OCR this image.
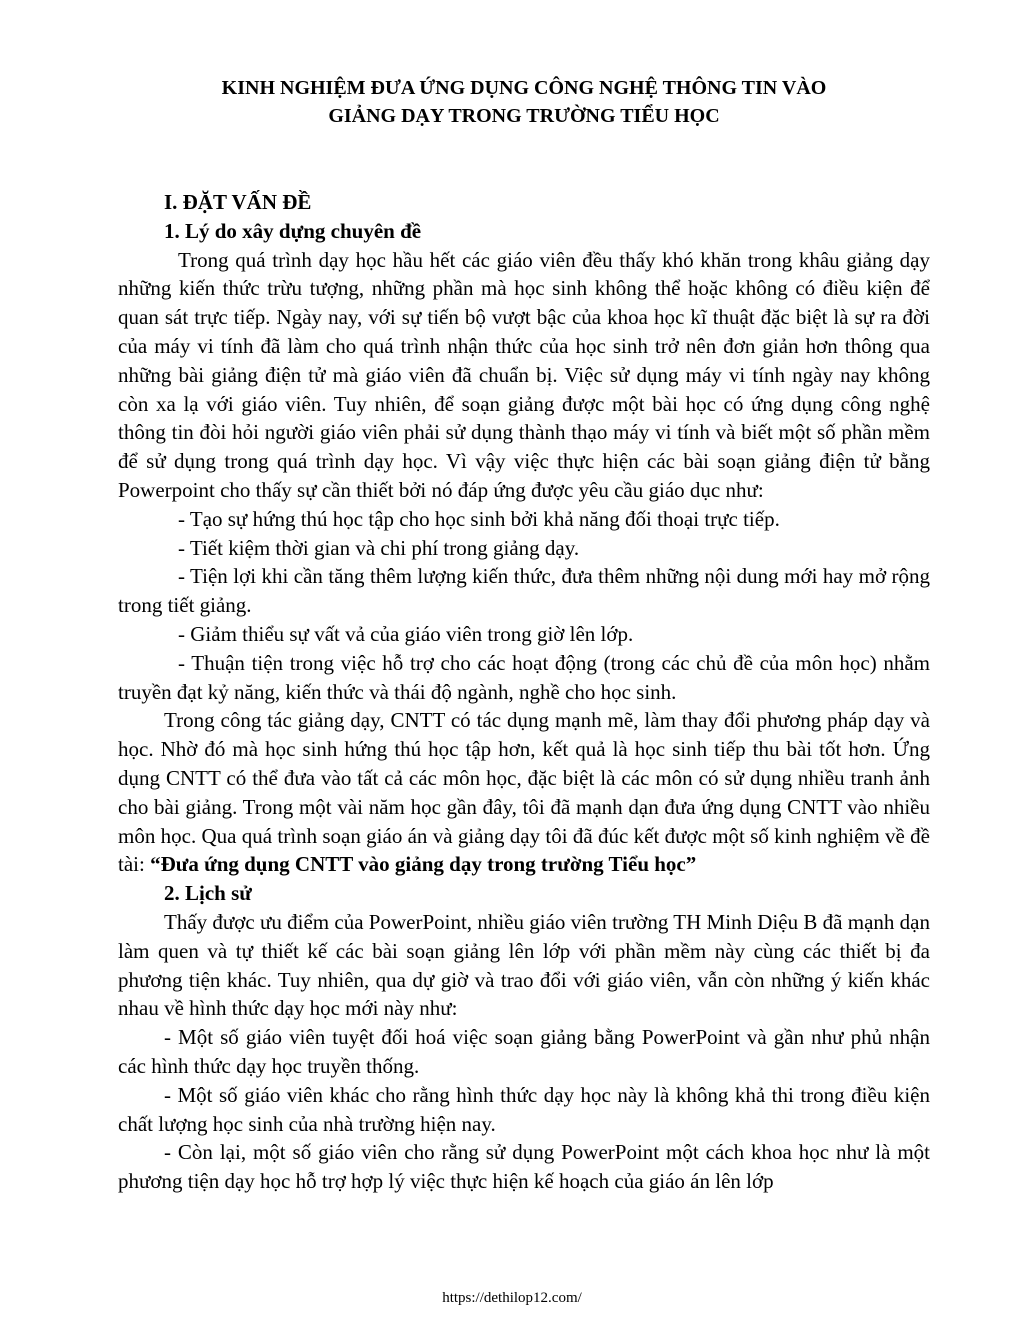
KINH NGHIỆM ĐƯA ỨNG DỤNG CÔNG NGHỆ THÔNG TIN VÀO
GIẢNG DẠY TRONG TRƯỜNG TIỂU HỌC
I. ĐẶT VẤN ĐỀ
1. Lý do xây dựng chuyên đề

Trong quá trình dạy học hầu hết các giáo viên đều thấy khó khăn trong khâu giảng dạy những kiến thức trừu tượng, những phần mà học sinh không thể hoặc không có điều kiện để quan sát trực tiếp. Ngày nay, với sự tiến bộ vượt bậc của khoa học kĩ thuật đặc biệt là sự ra đời của máy vi tính đã làm cho quá trình nhận thức của học sinh trở nên đơn giản hơn thông qua những bài giảng điện tử mà giáo viên đã chuẩn bị. Việc sử dụng máy vi tính ngày nay không còn xa lạ với giáo viên. Tuy nhiên, để soạn giảng được một bài học có ứng dụng công nghệ thông tin đòi hỏi người giáo viên phải sử dụng thành thạo máy vi tính và biết một số phần mềm để sử dụng trong quá trình dạy học. Vì vậy việc thực hiện các bài soạn giảng điện tử bằng Powerpoint cho thấy sự cần thiết bởi nó đáp ứng được yêu cầu giáo dục như:

- Tạo sự hứng thú học tập cho học sinh bởi khả năng đối thoại trực tiếp.

- Tiết kiệm thời gian và chi phí trong giảng dạy.

- Tiện lợi khi cần tăng thêm lượng kiến thức, đưa thêm những nội dung mới hay mở rộng trong tiết giảng.

- Giảm thiểu sự vất vả của giáo viên trong giờ lên lớp.

- Thuận tiện trong việc hỗ trợ cho các hoạt động (trong các chủ đề của môn học) nhằm truyền đạt kỷ năng, kiến thức và thái độ ngành, nghề cho học sinh.

Trong công tác giảng dạy, CNTT có tác dụng mạnh mẽ, làm thay đổi phương pháp dạy và học. Nhờ đó mà học sinh hứng thú học tập hơn, kết quả là học sinh tiếp thu bài tốt hơn. Ứng dụng CNTT có thể đưa vào tất cả các môn học, đặc biệt là các môn có sử dụng nhiều tranh ảnh cho bài giảng. Trong một vài năm học gần đây, tôi đã mạnh dạn đưa ứng dụng CNTT vào nhiều môn học. Qua quá trình soạn giáo án và giảng dạy tôi đã đúc kết được một số kinh nghiệm về đề tài: “Đưa ứng dụng CNTT vào giảng dạy trong trường Tiểu học”

2. Lịch sử

Thấy được ưu điểm của PowerPoint, nhiều giáo viên trường TH Minh Diệu B đã mạnh dạn làm quen và tự thiết kế các bài soạn giảng lên lớp với phần mềm này cùng các thiết bị đa phương tiện khác. Tuy nhiên, qua dự giờ và trao đổi với giáo viên, vẫn còn những ý kiến khác nhau về hình thức dạy học mới này như:

- Một số giáo viên tuyệt đối hoá việc soạn giảng bằng PowerPoint và gần như phủ nhận các hình thức dạy học truyền thống.

- Một số giáo viên khác cho rằng hình thức dạy học này là không khả thi trong điều kiện chất lượng học sinh của nhà trường hiện nay.

- Còn lại, một số giáo viên cho rằng sử dụng PowerPoint một cách khoa học như là một phương tiện dạy học hỗ trợ hợp lý việc thực hiện kế hoạch của giáo án lên lớp

https://dethilop12.com/
